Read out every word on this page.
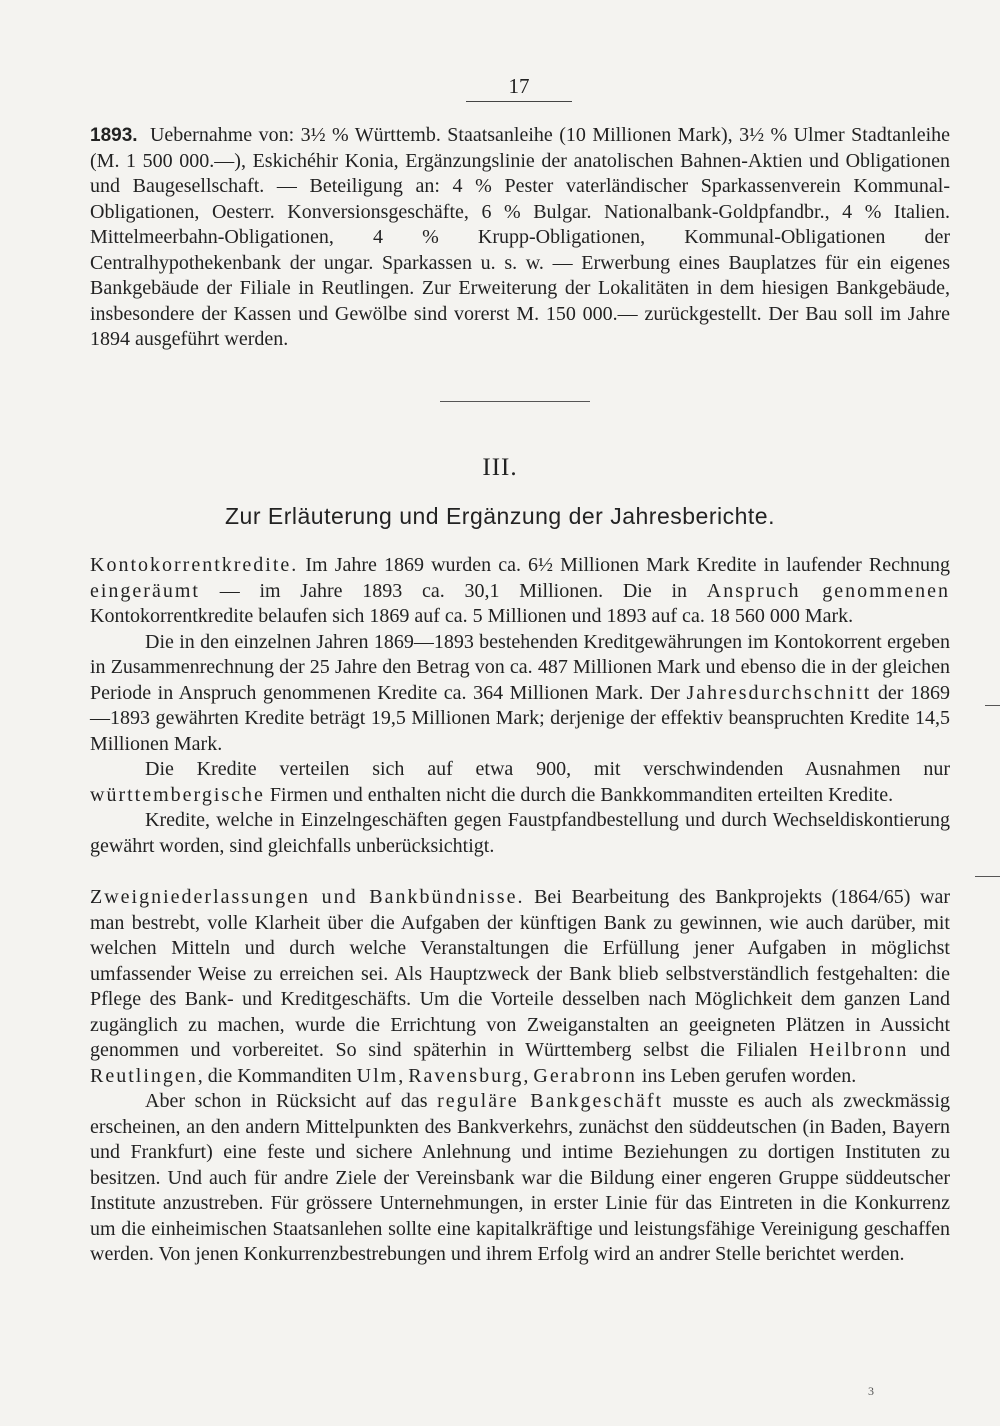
17
1893. Uebernahme von: 3½ % Württemb. Staatsanleihe (10 Millionen Mark), 3½ % Ulmer Stadtanleihe (M. 1 500 000.—), Eskichéhir Konia, Ergänzungslinie der anatolischen Bahnen-Aktien und Obligationen und Baugesellschaft. — Beteiligung an: 4 % Pester vaterländischer Sparkassenverein Kommunal-Obligationen, Oesterr. Konversionsgeschäfte, 6 % Bulgar. Nationalbank-Goldpfandbr., 4 % Italien. Mittelmeerbahn-Obligationen, 4 % Krupp-Obligationen, Kommunal-Obligationen der Centralhypothekenbank der ungar. Sparkassen u. s. w. — Erwerbung eines Bauplatzes für ein eigenes Bankgebäude der Filiale in Reutlingen. Zur Erweiterung der Lokalitäten in dem hiesigen Bankgebäude, insbesondere der Kassen und Gewölbe sind vorerst M. 150 000.— zurückgestellt. Der Bau soll im Jahre 1894 ausgeführt werden.
III.
Zur Erläuterung und Ergänzung der Jahresberichte.

Kontokorrentkredite. Im Jahre 1869 wurden ca. 6½ Millionen Mark Kredite in laufender Rechnung eingeräumt — im Jahre 1893 ca. 30,1 Millionen. Die in Anspruch genommenen Kontokorrentkredite belaufen sich 1869 auf ca. 5 Millionen und 1893 auf ca. 18 560 000 Mark.

Die in den einzelnen Jahren 1869—1893 bestehenden Kreditgewährungen im Kontokorrent ergeben in Zusammenrechnung der 25 Jahre den Betrag von ca. 487 Millionen Mark und ebenso die in der gleichen Periode in Anspruch genommenen Kredite ca. 364 Millionen Mark. Der Jahresdurchschnitt der 1869—1893 gewährten Kredite beträgt 19,5 Millionen Mark; derjenige der effektiv beanspruchten Kredite 14,5 Millionen Mark.

Die Kredite verteilen sich auf etwa 900, mit verschwindenden Ausnahmen nur württembergische Firmen und enthalten nicht die durch die Bankkommanditen erteilten Kredite.

Kredite, welche in Einzelngeschäften gegen Faustpfandbestellung und durch Wechseldiskontierung gewährt worden, sind gleichfalls unberücksichtigt.

Zweigniederlassungen und Bankbündnisse. Bei Bearbeitung des Bankprojekts (1864/65) war man bestrebt, volle Klarheit über die Aufgaben der künftigen Bank zu gewinnen, wie auch darüber, mit welchen Mitteln und durch welche Veranstaltungen die Erfüllung jener Aufgaben in möglichst umfassender Weise zu erreichen sei. Als Hauptzweck der Bank blieb selbstverständlich festgehalten: die Pflege des Bank- und Kreditgeschäfts. Um die Vorteile desselben nach Möglichkeit dem ganzen Land zugänglich zu machen, wurde die Errichtung von Zweiganstalten an geeigneten Plätzen in Aussicht genommen und vorbereitet. So sind späterhin in Württemberg selbst die Filialen Heilbronn und Reutlingen, die Kommanditen Ulm, Ravensburg, Gerabronn ins Leben gerufen worden.

Aber schon in Rücksicht auf das reguläre Bankgeschäft musste es auch als zweckmässig erscheinen, an den andern Mittelpunkten des Bankverkehrs, zunächst den süddeutschen (in Baden, Bayern und Frankfurt) eine feste und sichere Anlehnung und intime Beziehungen zu dortigen Instituten zu besitzen. Und auch für andre Ziele der Vereinsbank war die Bildung einer engeren Gruppe süddeutscher Institute anzustreben. Für grössere Unternehmungen, in erster Linie für das Eintreten in die Konkurrenz um die einheimischen Staatsanlehen sollte eine kapitalkräftige und leistungsfähige Vereinigung geschaffen werden. Von jenen Konkurrenzbestrebungen und ihrem Erfolg wird an andrer Stelle berichtet werden.

3
